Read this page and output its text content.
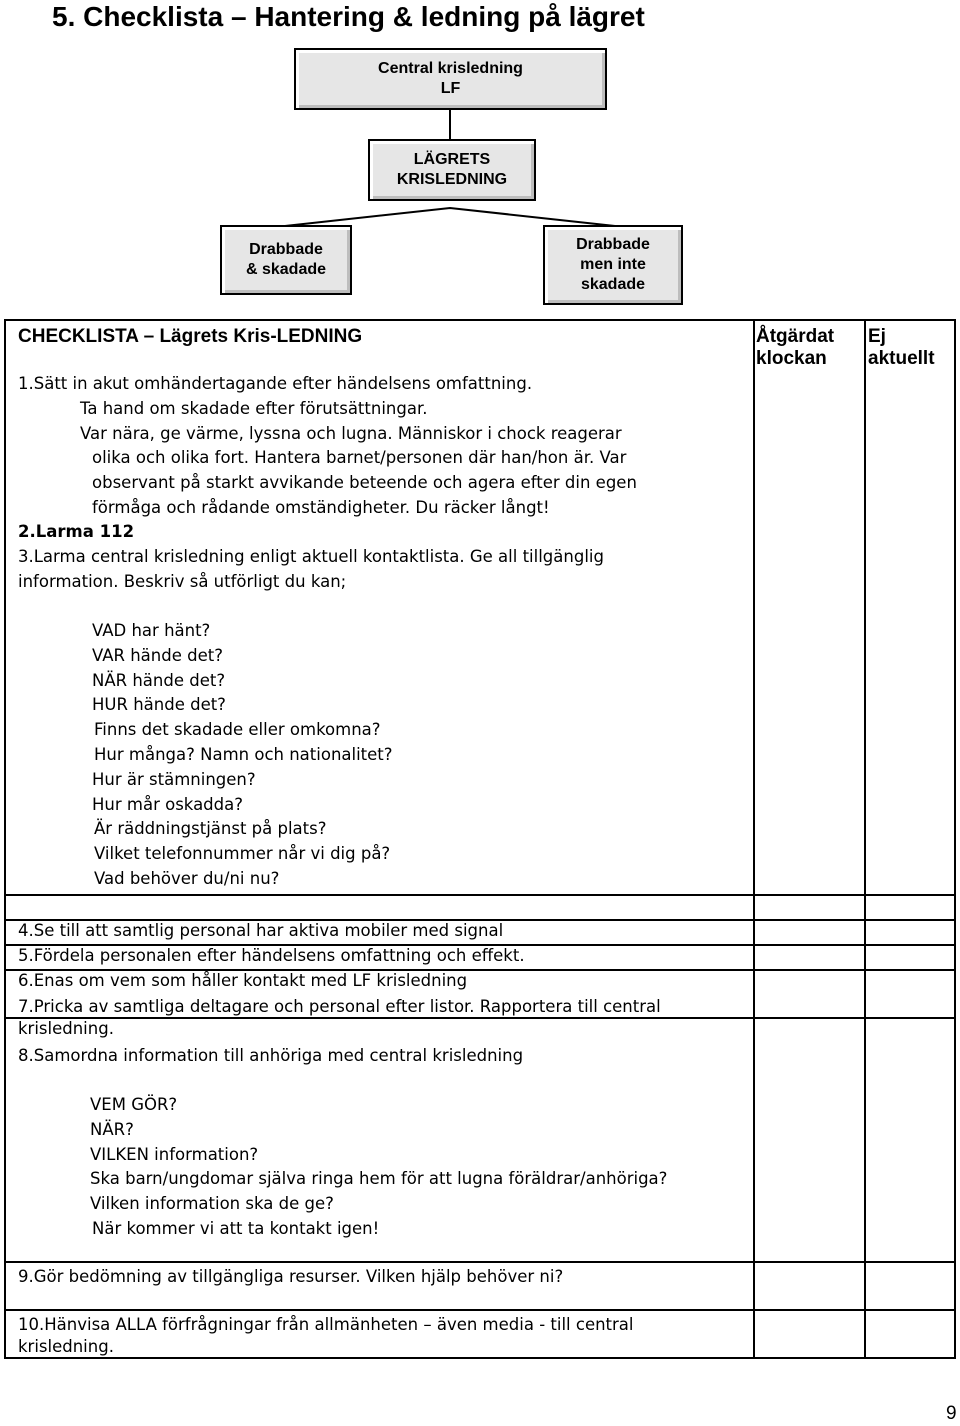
5. Checklista – Hantering & ledning på lägret
Central krisledning
LF
LÄGRETS
KRISLEDNING
Drabbade
& skadade
Drabbade
men inte
skadade
CHECKLISTA – Lägrets Kris-LEDNING	Åtgärdat
klockan
Ej
aktuellt
1.Sätt in akut omhändertagande efter händelsens omfattning.
Ta hand om skadade efter förutsättningar.
Var nära, ge värme, lyssna och lugna. Människor i chock reagerar
olika och olika fort. Hantera barnet/personen där han/hon är. Var
observant på starkt avvikande beteende och agera efter din egen
förmåga och rådande omständigheter. Du räcker långt!
2.Larma 112
3.Larma central krisledning enligt aktuell kontaktlista. Ge all tillgänglig
information. Beskriv så utförligt du kan;
VAD har hänt?
VAR hände det?
NÄR hände det?
HUR hände det?
Finns det skadade eller omkomna?
Hur många? Namn och nationalitet?
Hur är stämningen?
Hur mår oskadda?
Är räddningstjänst på plats?
Vilket telefonnummer når vi dig på?
Vad behöver du/ni nu?
4.Se till att samtlig personal har aktiva mobiler med signal
5.Fördela personalen efter händelsens omfattning och effekt.
6.Enas om vem som håller kontakt med LF krisledning
7.Pricka av samtliga deltagare och personal efter listor. Rapportera till central
krisledning.
8.Samordna information till anhöriga med central krisledning
VEM GÖR?
NÄR?
VILKEN information?
Ska barn/ungdomar själva ringa hem för att lugna föräldrar/anhöriga?
Vilken information ska de ge?
När kommer vi att ta kontakt igen!
9.Gör bedömning av tillgängliga resurser. Vilken hjälp behöver ni?
10.Hänvisa ALLA förfrågningar från allmänheten – även media - till central
krisledning.
9
